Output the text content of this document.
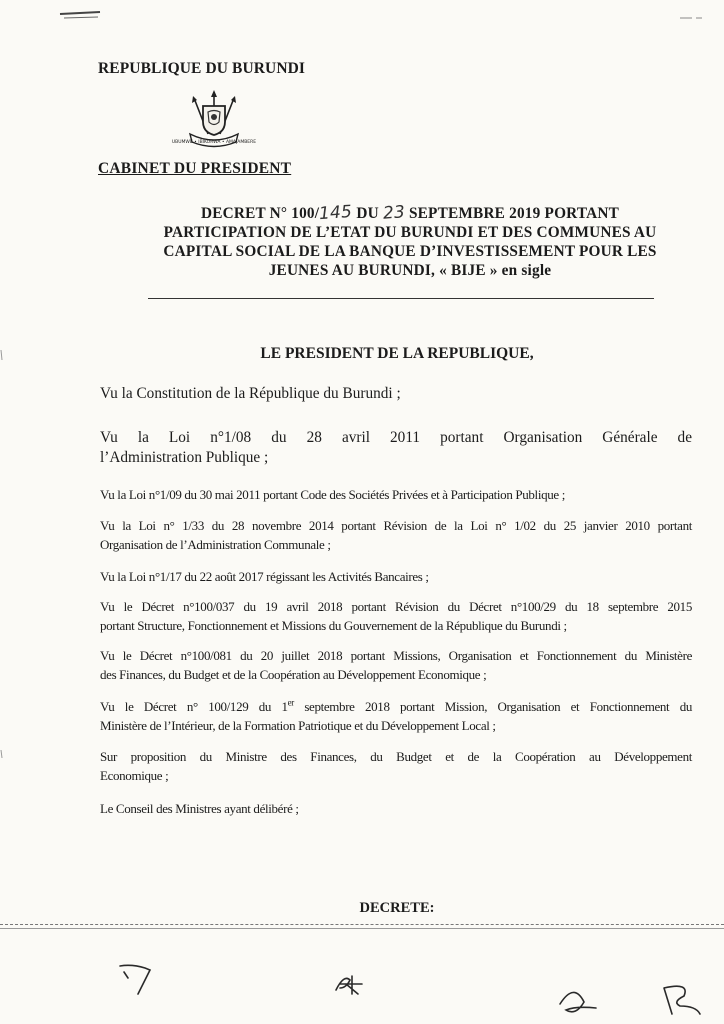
REPUBLIQUE DU BURUNDI
UBUMWE • IBIKORWA • AMAJAMBERE
CABINET DU PRESIDENT
DECRET N° 100/145 DU 23 SEPTEMBRE 2019 PORTANT
PARTICIPATION DE L’ETAT DU BURUNDI ET DES COMMUNES AU
CAPITAL SOCIAL DE LA BANQUE D’INVESTISSEMENT POUR LES
JEUNES AU BURUNDI, « BIJE » en sigle
LE PRESIDENT DE LA REPUBLIQUE,
Vu la Constitution de la République du Burundi ;
Vu la Loi n°1/08 du 28 avril 2011 portant Organisation Générale de
l’Administration Publique ;
Vu la Loi n°1/09 du 30 mai 2011 portant Code des Sociétés Privées et à Participation Publique ;
Vu la Loi n° 1/33 du 28 novembre 2014 portant Révision de la Loi n° 1/02 du 25 janvier 2010 portant
Organisation de l’Administration Communale ;
Vu la Loi n°1/17 du 22 août 2017 régissant les Activités Bancaires ;
Vu le Décret n°100/037 du 19 avril 2018 portant Révision du Décret n°100/29 du 18 septembre 2015
portant Structure, Fonctionnement et Missions du Gouvernement de la République du Burundi ;
Vu le Décret n°100/081 du 20 juillet 2018 portant Missions, Organisation et Fonctionnement du Ministère
des Finances, du Budget et de la Coopération au Développement Economique ;
Vu le Décret n° 100/129 du 1er septembre 2018 portant Mission, Organisation et Fonctionnement du
Ministère de l’Intérieur, de la Formation Patriotique et du Développement Local ;
Sur proposition du Ministre des Finances, du Budget et de la Coopération au Développement
Economique ;
Le Conseil des Ministres ayant délibéré ;
DECRETE:
